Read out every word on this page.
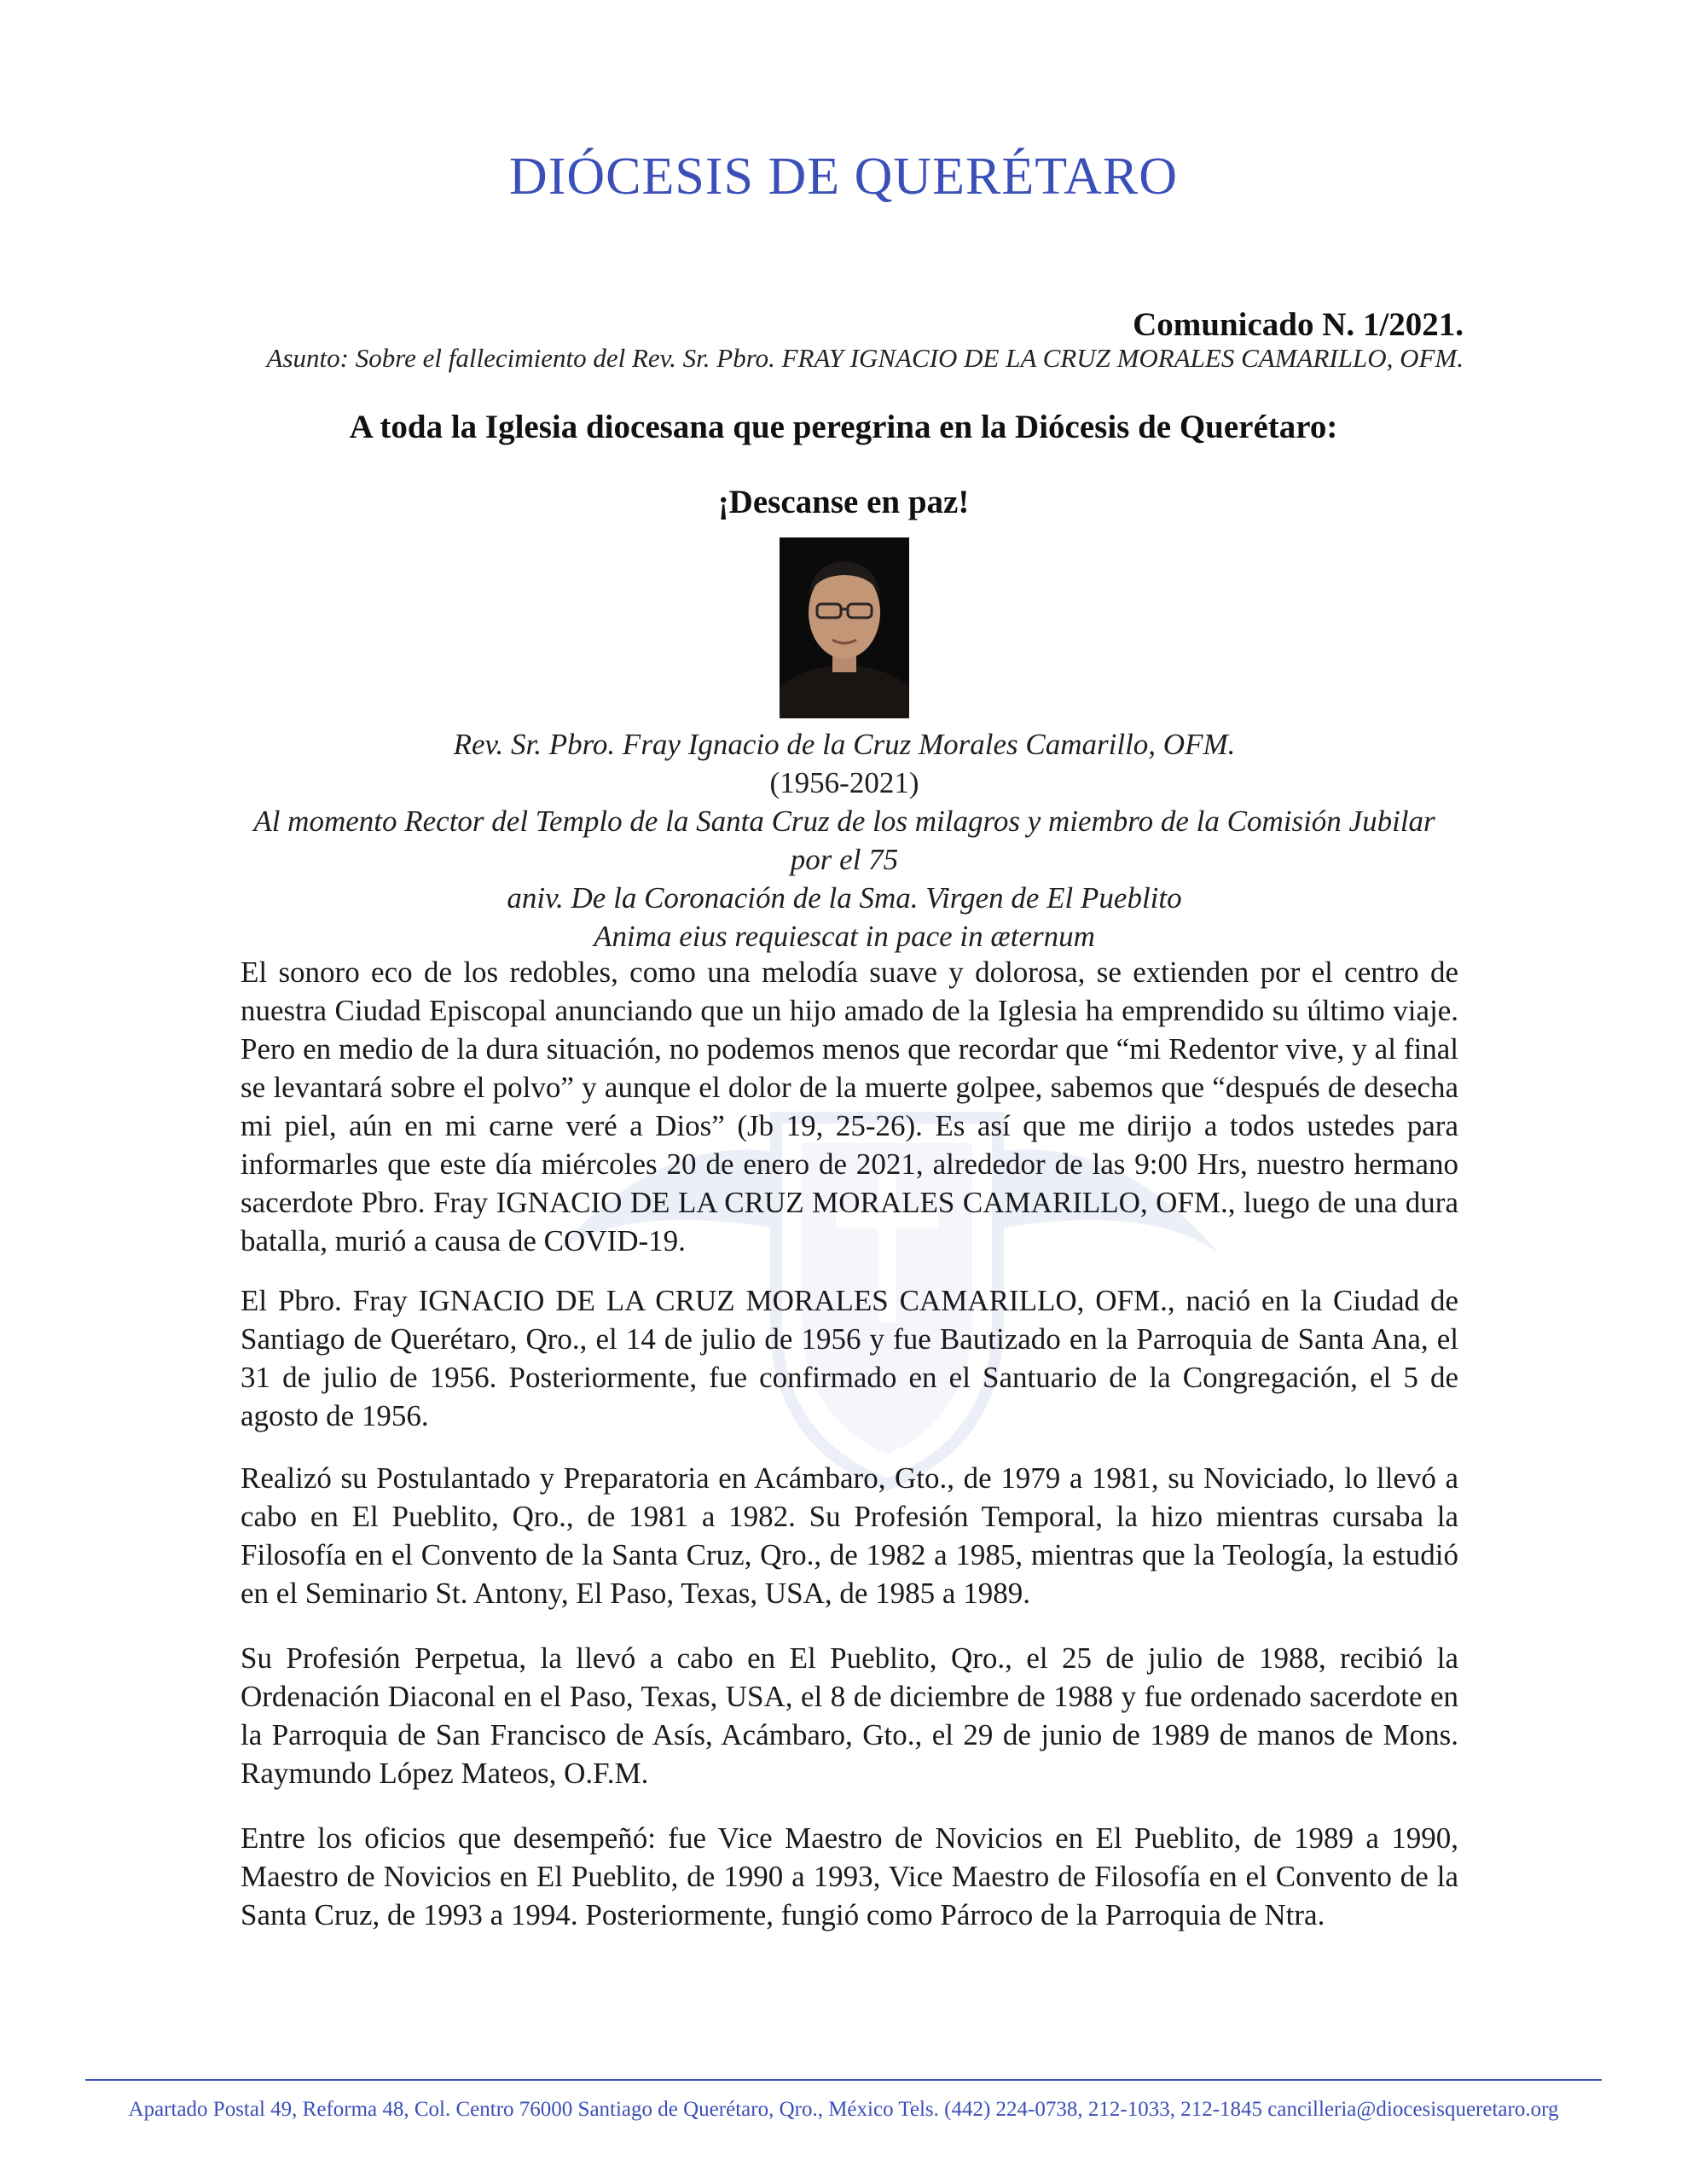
DIÓCESIS DE QUERÉTARO
Comunicado N. 1/2021.
Asunto: Sobre el fallecimiento del Rev. Sr. Pbro. FRAY IGNACIO DE LA CRUZ MORALES CAMARILLO, OFM.
A toda la Iglesia diocesana que peregrina en la Diócesis de Querétaro:
¡Descanse en paz!
Rev. Sr. Pbro. Fray Ignacio de la Cruz Morales Camarillo, OFM.
(1956-2021)
Al momento Rector del Templo de la Santa Cruz de los milagros y miembro de la Comisión Jubilar por el 75
aniv. De la Coronación de la Sma. Virgen de El Pueblito
Anima eius requiescat in pace in æternum
El sonoro eco de los redobles, como una melodía suave y dolorosa, se extienden por el centro de nuestra Ciudad Episcopal anunciando que un hijo amado de la Iglesia ha emprendido su último viaje. Pero en medio de la dura situación, no podemos menos que recordar que “mi Redentor vive, y al final se levantará sobre el polvo” y aunque el dolor de la muerte golpee, sabemos que “después de desecha mi piel, aún en mi carne veré a Dios” (Jb 19, 25-26). Es así que me dirijo a todos ustedes para informarles que este día miércoles 20 de enero de 2021, alrededor de las 9:00 Hrs, nuestro hermano sacerdote Pbro. Fray IGNACIO DE LA CRUZ MORALES CAMARILLO, OFM., luego de una dura batalla, murió a causa de COVID-19.
El Pbro. Fray IGNACIO DE LA CRUZ MORALES CAMARILLO, OFM., nació en la Ciudad de Santiago de Querétaro, Qro., el 14 de julio de 1956 y fue Bautizado en la Parroquia de Santa Ana, el 31 de julio de 1956. Posteriormente, fue confirmado en el Santuario de la Congregación, el 5 de agosto de 1956.
Realizó su Postulantado y Preparatoria en Acámbaro, Gto., de 1979 a 1981, su Noviciado, lo llevó a cabo en El Pueblito, Qro., de 1981 a 1982. Su Profesión Temporal, la hizo mientras cursaba la Filosofía en el Convento de la Santa Cruz, Qro., de 1982 a 1985, mientras que la Teología, la estudió en el Seminario St. Antony, El Paso, Texas, USA, de 1985 a 1989.
Su Profesión Perpetua, la llevó a cabo en El Pueblito, Qro., el 25 de julio de 1988, recibió la Ordenación Diaconal en el Paso, Texas, USA, el 8 de diciembre de 1988 y fue ordenado sacerdote en la Parroquia de San Francisco de Asís, Acámbaro, Gto., el 29 de junio de 1989 de manos de Mons. Raymundo López Mateos, O.F.M.
Entre los oficios que desempeñó: fue Vice Maestro de Novicios en El Pueblito, de 1989 a 1990, Maestro de Novicios en El Pueblito, de 1990 a 1993, Vice Maestro de Filosofía en el Convento de la Santa Cruz, de 1993 a 1994. Posteriormente, fungió como Párroco de la Parroquia de Ntra.
Apartado Postal 49, Reforma 48, Col. Centro 76000 Santiago de Querétaro, Qro., México Tels. (442) 224-0738, 212-1033, 212-1845 cancilleria@diocesisqueretaro.org
